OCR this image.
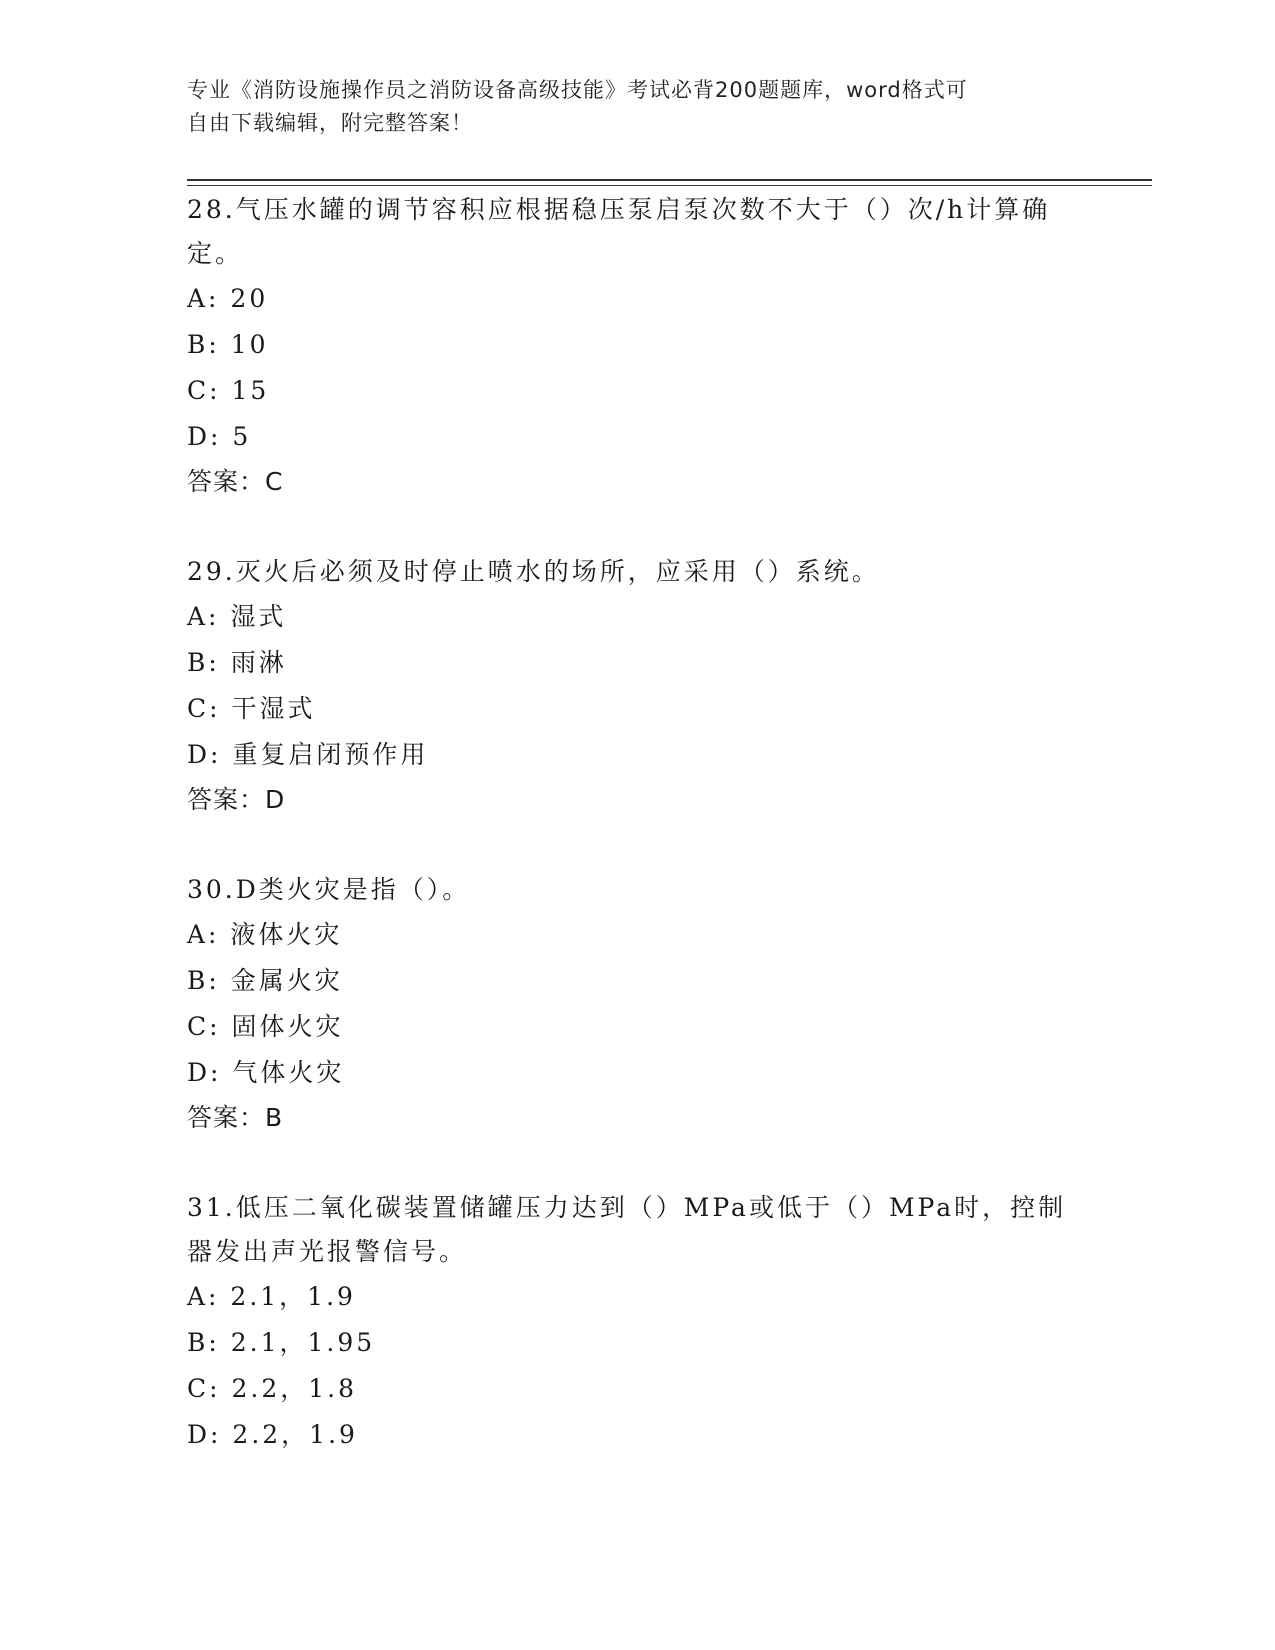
专业《消防设施操作员之消防设备高级技能》考试必背200题题库，word格式可
自由下载编辑，附完整答案！

28.气压水罐的调节容积应根据稳压泵启泵次数不大于（）次/h计算确定。

A: 20
B: 10
C: 15
D: 5
答案：C

29.灭火后必须及时停止喷水的场所，应采用（）系统。

A: 湿式
B: 雨淋
C: 干湿式
D: 重复启闭预作用
答案：D

30.D类火灾是指（）。

A: 液体火灾
B: 金属火灾
C: 固体火灾
D: 气体火灾
答案：B

31.低压二氧化碳装置储罐压力达到（）MPa或低于（）MPa时，控制器发出声光报警信号。

A: 2.1，1.9
B: 2.1，1.95
C: 2.2，1.8
D: 2.2，1.9
